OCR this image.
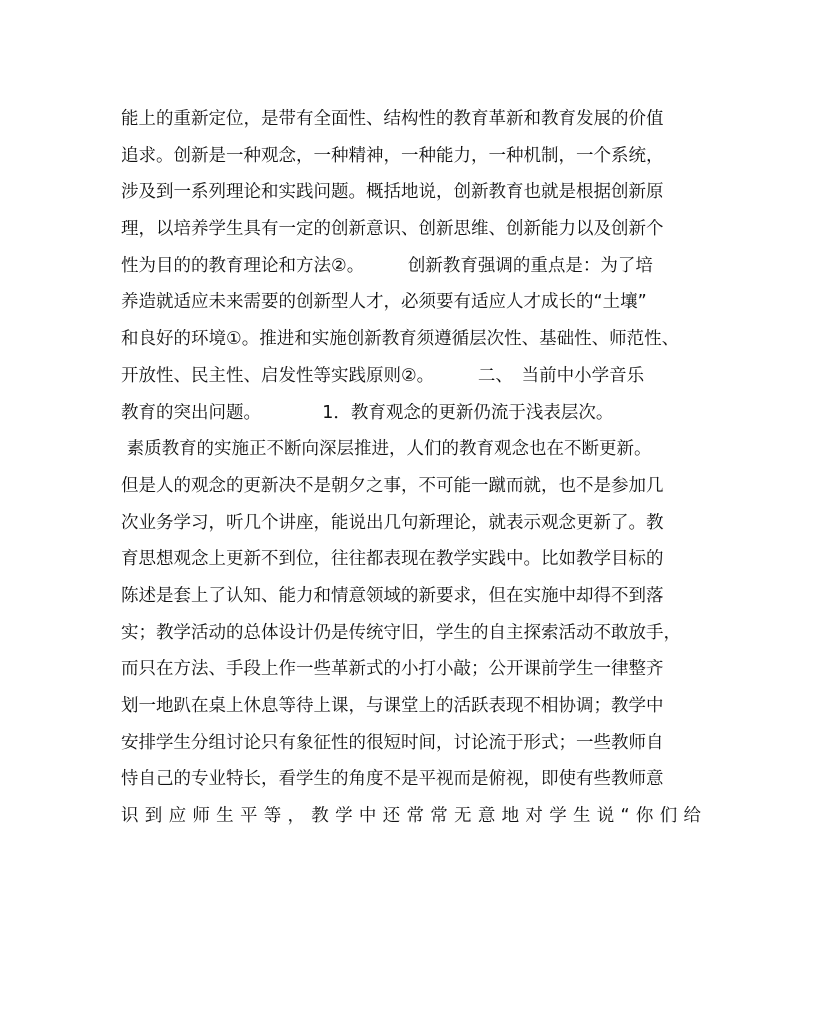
能上的重新定位，是带有全面性、结构性的教育革新和教育发展的价值
追求。创新是一种观念，一种精神，一种能力，一种机制，一个系统，
涉及到一系列理论和实践问题。概括地说，创新教育也就是根据创新原
理，以培养学生具有一定的创新意识、创新思维、创新能力以及创新个
性为目的的教育理论和方法②。　　　创新教育强调的重点是：为了培
养造就适应未来需要的创新型人才，必须要有适应人才成长的“土壤”
和良好的环境①。推进和实施创新教育须遵循层次性、基础性、师范性、
开放性、民主性、启发性等实践原则②。　　　二、　当前中小学音乐
教育的突出问题。　　　　1．教育观念的更新仍流于浅表层次。
素质教育的实施正不断向深层推进，人们的教育观念也在不断更新。
但是人的观念的更新决不是朝夕之事，不可能一蹴而就，也不是参加几
次业务学习，听几个讲座，能说出几句新理论，就表示观念更新了。教
育思想观念上更新不到位，往往都表现在教学实践中。比如教学目标的
陈述是套上了认知、能力和情意领域的新要求，但在实施中却得不到落
实；教学活动的总体设计仍是传统守旧，学生的自主探索活动不敢放手，
而只在方法、手段上作一些革新式的小打小敲；公开课前学生一律整齐
划一地趴在桌上休息等待上课，与课堂上的活跃表现不相协调；教学中
安排学生分组讨论只有象征性的很短时间，讨论流于形式；一些教师自
恃自己的专业特长，看学生的角度不是平视而是俯视，即使有些教师意
识到应师生平等，教学中还常常无意地对学生说“你们给
